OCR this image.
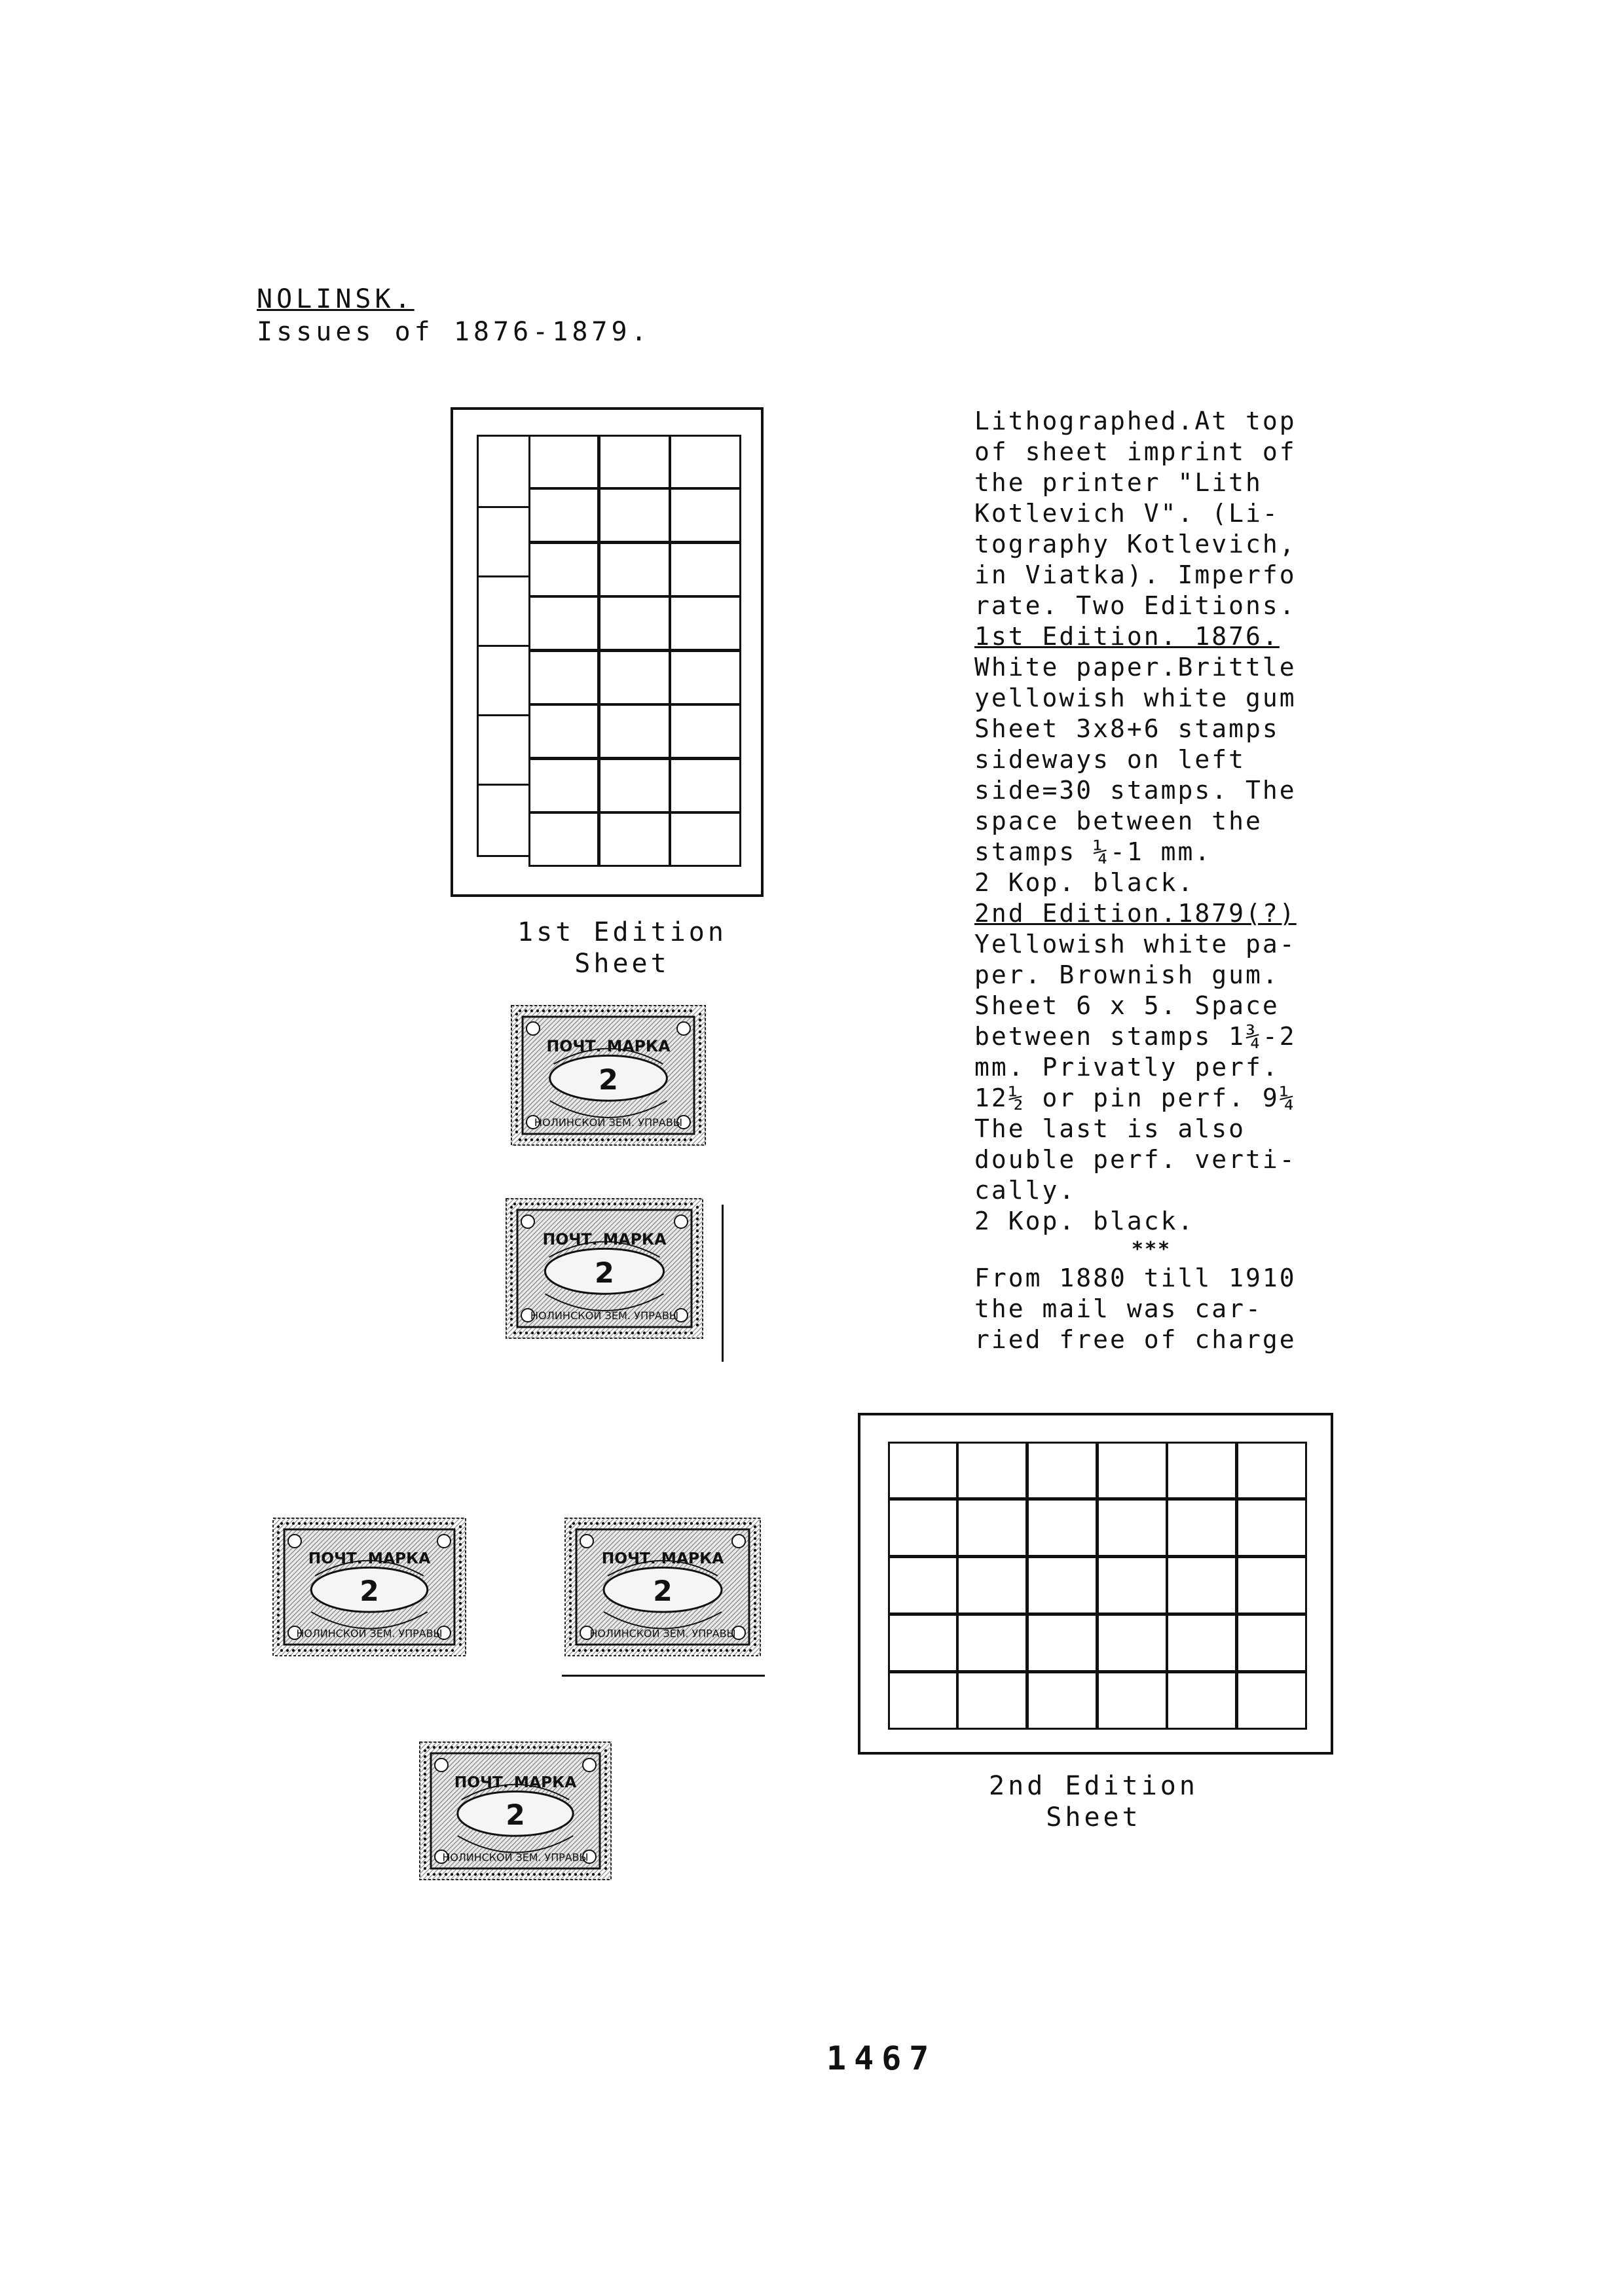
NOLINSK.
Issues of 1876-1879.
1st Edition
Sheet
ПОЧТ. МАРКА
2
НОЛИНСКОЙ ЗЕМ. УПРАВЫ
ПОЧТ. МАРКА
2
НОЛИНСКОЙ ЗЕМ. УПРАВЫ
ПОЧТ. МАРКА
2
НОЛИНСКОЙ ЗЕМ. УПРАВЫ
ПОЧТ. МАРКА
2
НОЛИНСКОЙ ЗЕМ. УПРАВЫ
ПОЧТ. МАРКА
2
НОЛИНСКОЙ ЗЕМ. УПРАВЫ
Lithographed.At top
of sheet imprint of
the printer "Lith
Kotlevich V". (Li-
tography Kotlevich,
in Viatka). Imperfo
rate. Two Editions.
1st Edition. 1876.
White paper.Brittle
yellowish white gum
Sheet 3x8+6 stamps
sideways on left
side=30 stamps. The
space between the
stamps ¼-1 mm.
2 Kop. black.
2nd Edition.1879(?)
Yellowish white pa-
per. Brownish gum.
Sheet 6 x 5. Space
between stamps 1¾-2
mm. Privatly perf.
12½ or pin perf. 9¼
The last is also
double perf. verti-
cally.
2 Kop. black.
***
From 1880 till 1910
the mail was car-
ried free of charge
2nd Edition
Sheet
1467
